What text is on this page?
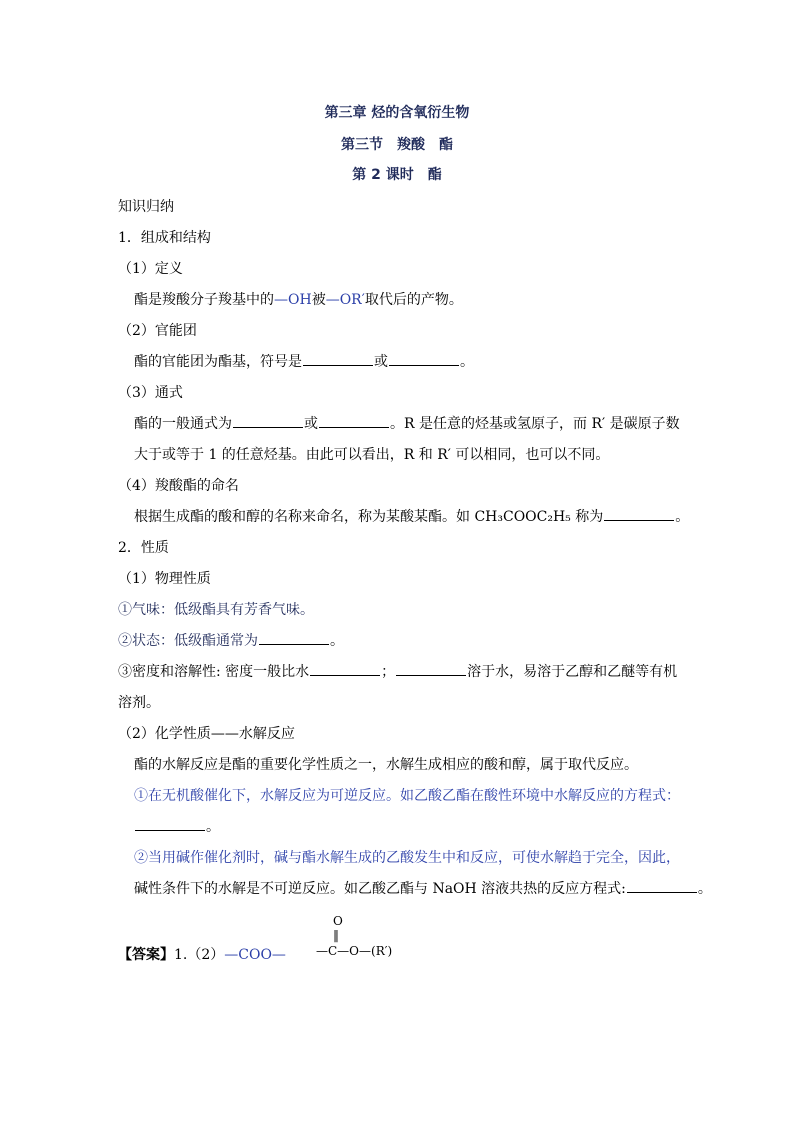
第三章 烃的含氧衍生物
第三节　羧酸　酯
第 2 课时　酯
知识归纳
1．组成和结构
（1）定义
酯是羧酸分子羧基中的—OH被—OR′取代后的产物。
（2）官能团
酯的官能团为酯基，符号是	或	。
（3）通式
酯的一般通式为	或	。R 是任意的烃基或氢原子，而 R′ 是碳原子数
大于或等于 1 的任意烃基。由此可以看出，R 和 R′ 可以相同，也可以不同。
（4）羧酸酯的命名
根据生成酯的酸和醇的名称来命名，称为某酸某酯。如 CH₃COOC₂H₅ 称为	。
2．性质
（1）物理性质
①气味：低级酯具有芳香气味。
②状态：低级酯通常为	。
③密度和溶解性: 密度一般比水	；	溶于水，易溶于乙醇和乙醚等有机
溶剂。
（2）化学性质——水解反应
酯的水解反应是酯的重要化学性质之一，水解生成相应的酸和醇，属于取代反应。
①在无机酸催化下，水解反应为可逆反应。如乙酸乙酯在酸性环境中水解反应的方程式：
。
②当用碱作催化剂时，碱与酯水解生成的乙酸发生中和反应，可使水解趋于完全，因此，
碱性条件下的水解是不可逆反应。如乙酸乙酯与 NaOH 溶液共热的反应方程式:	。
【答案】1.（2）—COO—
O
‖
—C—O—(R′)
